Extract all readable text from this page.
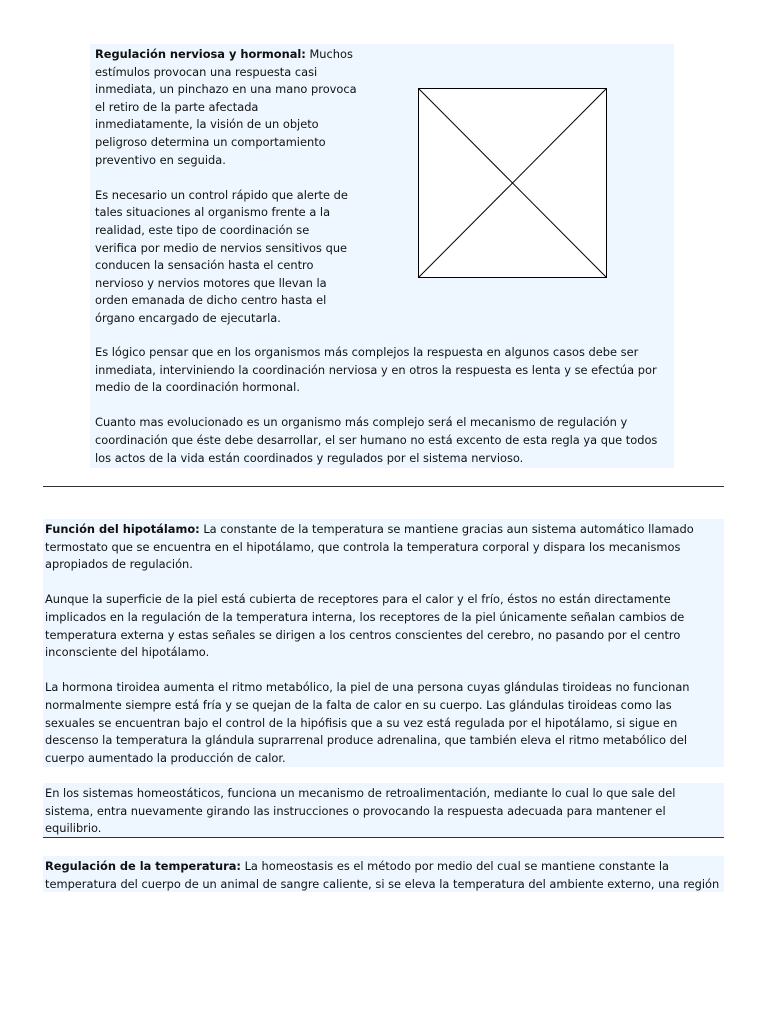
Regulación nerviosa y hormonal: Muchos
estímulos provocan una respuesta casi
inmediata, un pinchazo en una mano provoca
el retiro de la parte afectada
inmediatamente, la visión de un objeto
peligroso determina un comportamiento
preventivo en seguida.

Es necesario un control rápido que alerte de
tales situaciones al organismo frente a la
realidad, este tipo de coordinación se
verifica por medio de nervios sensitivos que
conducen la sensación hasta el centro
nervioso y nervios motores que llevan la
orden emanada de dicho centro hasta el
órgano encargado de ejecutarla.

Es lógico pensar que en los organismos más complejos la respuesta en algunos casos debe ser
inmediata, interviniendo la coordinación nerviosa y en otros la respuesta es lenta y se efectúa por
medio de la coordinación hormonal.

Cuanto mas evolucionado es un organismo más complejo será el mecanismo de regulación y
coordinación que éste debe desarrollar, el ser humano no está excento de esta regla ya que todos
los actos de la vida están coordinados y regulados por el sistema nervioso.

Función del hipotálamo: La constante de la temperatura se mantiene gracias aun sistema automático llamado
termostato que se encuentra en el hipotálamo, que controla la temperatura corporal y dispara los mecanismos
apropiados de regulación.

Aunque la superficie de la piel está cubierta de receptores para el calor y el frío, éstos no están directamente
implicados en la regulación de la temperatura interna, los receptores de la piel únicamente señalan cambios de
temperatura externa y estas señales se dirigen a los centros conscientes del cerebro, no pasando por el centro
inconsciente del hipotálamo.

La hormona tiroidea aumenta el ritmo metabólico, la piel de una persona cuyas glándulas tiroideas no funcionan
normalmente siempre está fría y se quejan de la falta de calor en su cuerpo. Las glándulas tiroideas como las
sexuales se encuentran bajo el control de la hipófisis que a su vez está regulada por el hipotálamo, si sigue en
descenso la temperatura la glándula suprarrenal produce adrenalina, que también eleva el ritmo metabólico del
cuerpo aumentado la producción de calor.

En los sistemas homeostáticos, funciona un mecanismo de retroalimentación, mediante lo cual lo que sale del
sistema, entra nuevamente girando las instrucciones o provocando la respuesta adecuada para mantener el
equilibrio.

Regulación de la temperatura: La homeostasis es el método por medio del cual se mantiene constante la
temperatura del cuerpo de un animal de sangre caliente, si se eleva la temperatura del ambiente externo, una región
